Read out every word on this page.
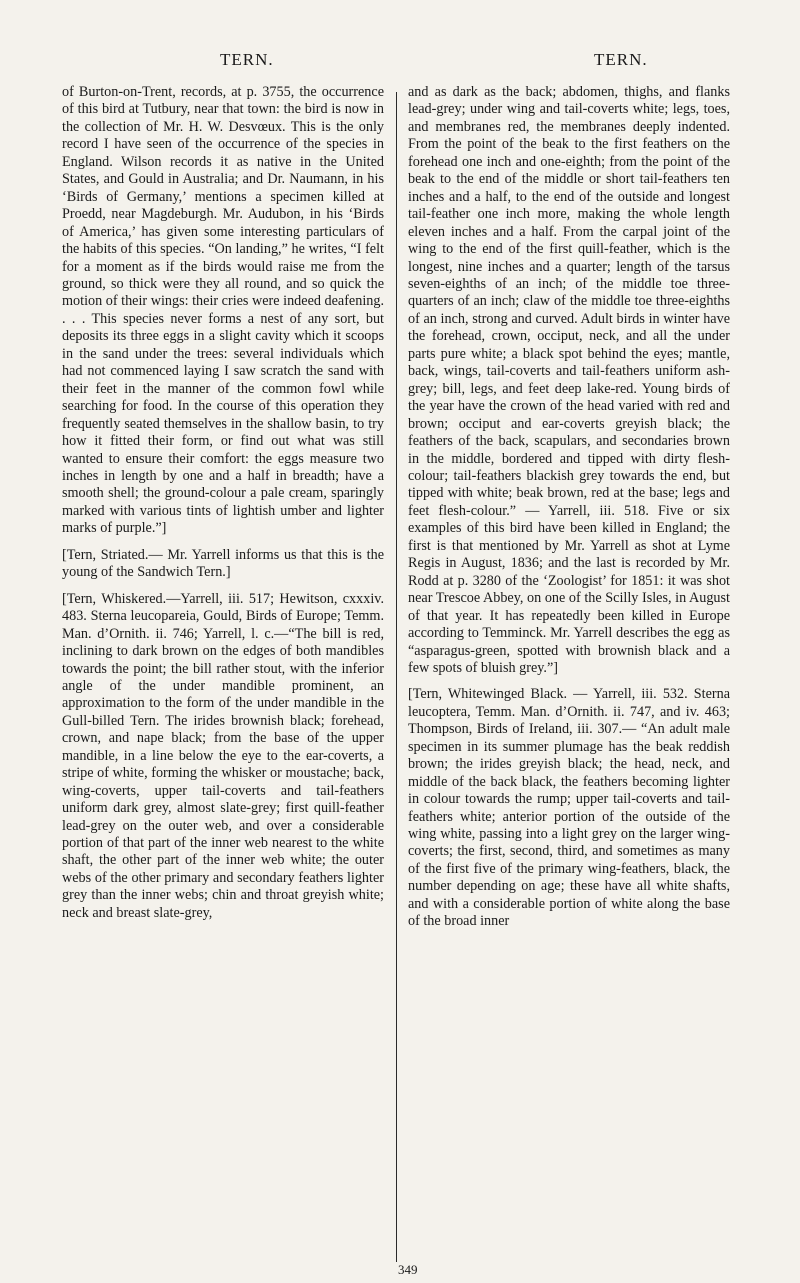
TERN.	TERN.

of Burton-on-Trent, records, at p. 3755, the occurrence of this bird at Tutbury, near that town: the bird is now in the collection of Mr. H. W. Desvœux. This is the only record I have seen of the occurrence of the species in England. Wilson records it as native in the United States, and Gould in Australia; and Dr. Naumann, in his ‘Birds of Germany,’ mentions a specimen killed at Proedd, near Magdeburgh. Mr. Audubon, in his ‘Birds of America,’ has given some interesting particulars of the habits of this species. “On landing,” he writes, “I felt for a moment as if the birds would raise me from the ground, so thick were they all round, and so quick the motion of their wings: their cries were indeed deafening. . . . This species never forms a nest of any sort, but deposits its three eggs in a slight cavity which it scoops in the sand under the trees: several individuals which had not commenced laying I saw scratch the sand with their feet in the manner of the common fowl while searching for food. In the course of this operation they frequently seated themselves in the shallow basin, to try how it fitted their form, or find out what was still wanted to ensure their comfort: the eggs measure two inches in length by one and a half in breadth; have a smooth shell; the ground-colour a pale cream, sparingly marked with various tints of lightish umber and lighter marks of purple.”]

[Tern, Striated.— Mr. Yarrell informs us that this is the young of the Sandwich Tern.]

[Tern, Whiskered.—Yarrell, iii. 517; Hewitson, cxxxiv. 483. Sterna leucopareia, Gould, Birds of Europe; Temm. Man. d’Ornith. ii. 746; Yarrell, l. c.—“The bill is red, inclining to dark brown on the edges of both mandibles towards the point; the bill rather stout, with the inferior angle of the under mandible prominent, an approximation to the form of the under mandible in the Gull-billed Tern. The irides brownish black; forehead, crown, and nape black; from the base of the upper mandible, in a line below the eye to the ear-coverts, a stripe of white, forming the whisker or moustache; back, wing-coverts, upper tail-coverts and tail-feathers uniform dark grey, almost slate-grey; first quill-feather lead-grey on the outer web, and over a considerable portion of that part of the inner web nearest to the white shaft, the other part of the inner web white; the outer webs of the other primary and secondary feathers lighter grey than the inner webs; chin and throat greyish white; neck and breast slate-grey,

and as dark as the back; abdomen, thighs, and flanks lead-grey; under wing and tail-coverts white; legs, toes, and membranes red, the membranes deeply indented. From the point of the beak to the first feathers on the forehead one inch and one-eighth; from the point of the beak to the end of the middle or short tail-feathers ten inches and a half, to the end of the outside and longest tail-feather one inch more, making the whole length eleven inches and a half. From the carpal joint of the wing to the end of the first quill-feather, which is the longest, nine inches and a quarter; length of the tarsus seven-eighths of an inch; of the middle toe three-quarters of an inch; claw of the middle toe three-eighths of an inch, strong and curved. Adult birds in winter have the forehead, crown, occiput, neck, and all the under parts pure white; a black spot behind the eyes; mantle, back, wings, tail-coverts and tail-feathers uniform ash-grey; bill, legs, and feet deep lake-red. Young birds of the year have the crown of the head varied with red and brown; occiput and ear-coverts greyish black; the feathers of the back, scapulars, and secondaries brown in the middle, bordered and tipped with dirty flesh-colour; tail-feathers blackish grey towards the end, but tipped with white; beak brown, red at the base; legs and feet flesh-colour.” — Yarrell, iii. 518. Five or six examples of this bird have been killed in England; the first is that mentioned by Mr. Yarrell as shot at Lyme Regis in August, 1836; and the last is recorded by Mr. Rodd at p. 3280 of the ‘Zoologist’ for 1851: it was shot near Trescoe Abbey, on one of the Scilly Isles, in August of that year. It has repeatedly been killed in Europe according to Temminck. Mr. Yarrell describes the egg as “asparagus-green, spotted with brownish black and a few spots of bluish grey.”]

[Tern, Whitewinged Black. — Yarrell, iii. 532. Sterna leucoptera, Temm. Man. d’Ornith. ii. 747, and iv. 463; Thompson, Birds of Ireland, iii. 307.— “An adult male specimen in its summer plumage has the beak reddish brown; the irides greyish black; the head, neck, and middle of the back black, the feathers becoming lighter in colour towards the rump; upper tail-coverts and tail-feathers white; anterior portion of the outside of the wing white, passing into a light grey on the larger wing-coverts; the first, second, third, and sometimes as many of the first five of the primary wing-feathers, black, the number depending on age; these have all white shafts, and with a considerable portion of white along the base of the broad inner

349
